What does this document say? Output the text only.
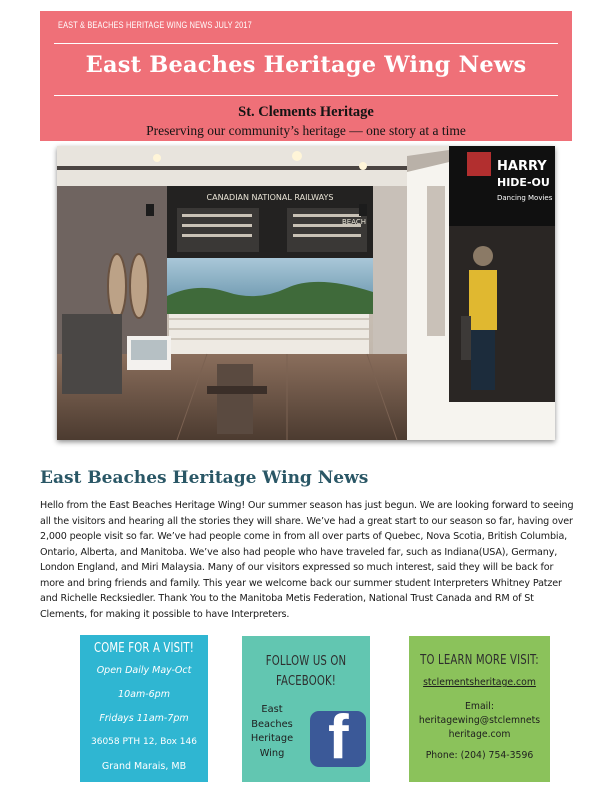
EAST & BEACHES HERITAGE WING NEWS JULY 2017
East Beaches Heritage Wing News
St. Clements Heritage
Preserving our community’s heritage — one story at a time
CANADIAN NATIONAL RAILWAYS
BEACH
HARRY
HIDE-OU
Dancing Movies
East Beaches Heritage Wing News

Hello from the East Beaches Heritage Wing! Our summer season has just begun. We are looking forward to seeing all the visitors and hearing all the stories they will share. We’ve had a great start to our season so far, having over 2,000 people visit so far. We’ve had people come in from all over parts of Quebec, Nova Scotia, British Columbia, Ontario, Alberta, and Manitoba. We’ve also had people who have traveled far, such as Indiana(USA), Germany, London England, and Miri Malaysia. Many of our visitors expressed so much interest, said they will be back for more and bring friends and family. This year we welcome back our summer student Interpreters Whitney Patzer and Richelle Recksiedler. Thank You to the Manitoba Metis Federation, National Trust Canada and RM of St Clements, for making it possible to have Interpreters.

COME FOR A VISIT!
Open Daily May-Oct
10am-6pm
Fridays 11am-7pm
36058 PTH 12, Box 146
Grand Marais, MB
FOLLOW US ON
FACEBOOK!
East
Beaches
Heritage
Wing f
TO LEARN MORE VISIT:
stclementsheritage.com
Email:
heritagewing@stclemnets
heritage.com
Phone: (204) 754-3596
